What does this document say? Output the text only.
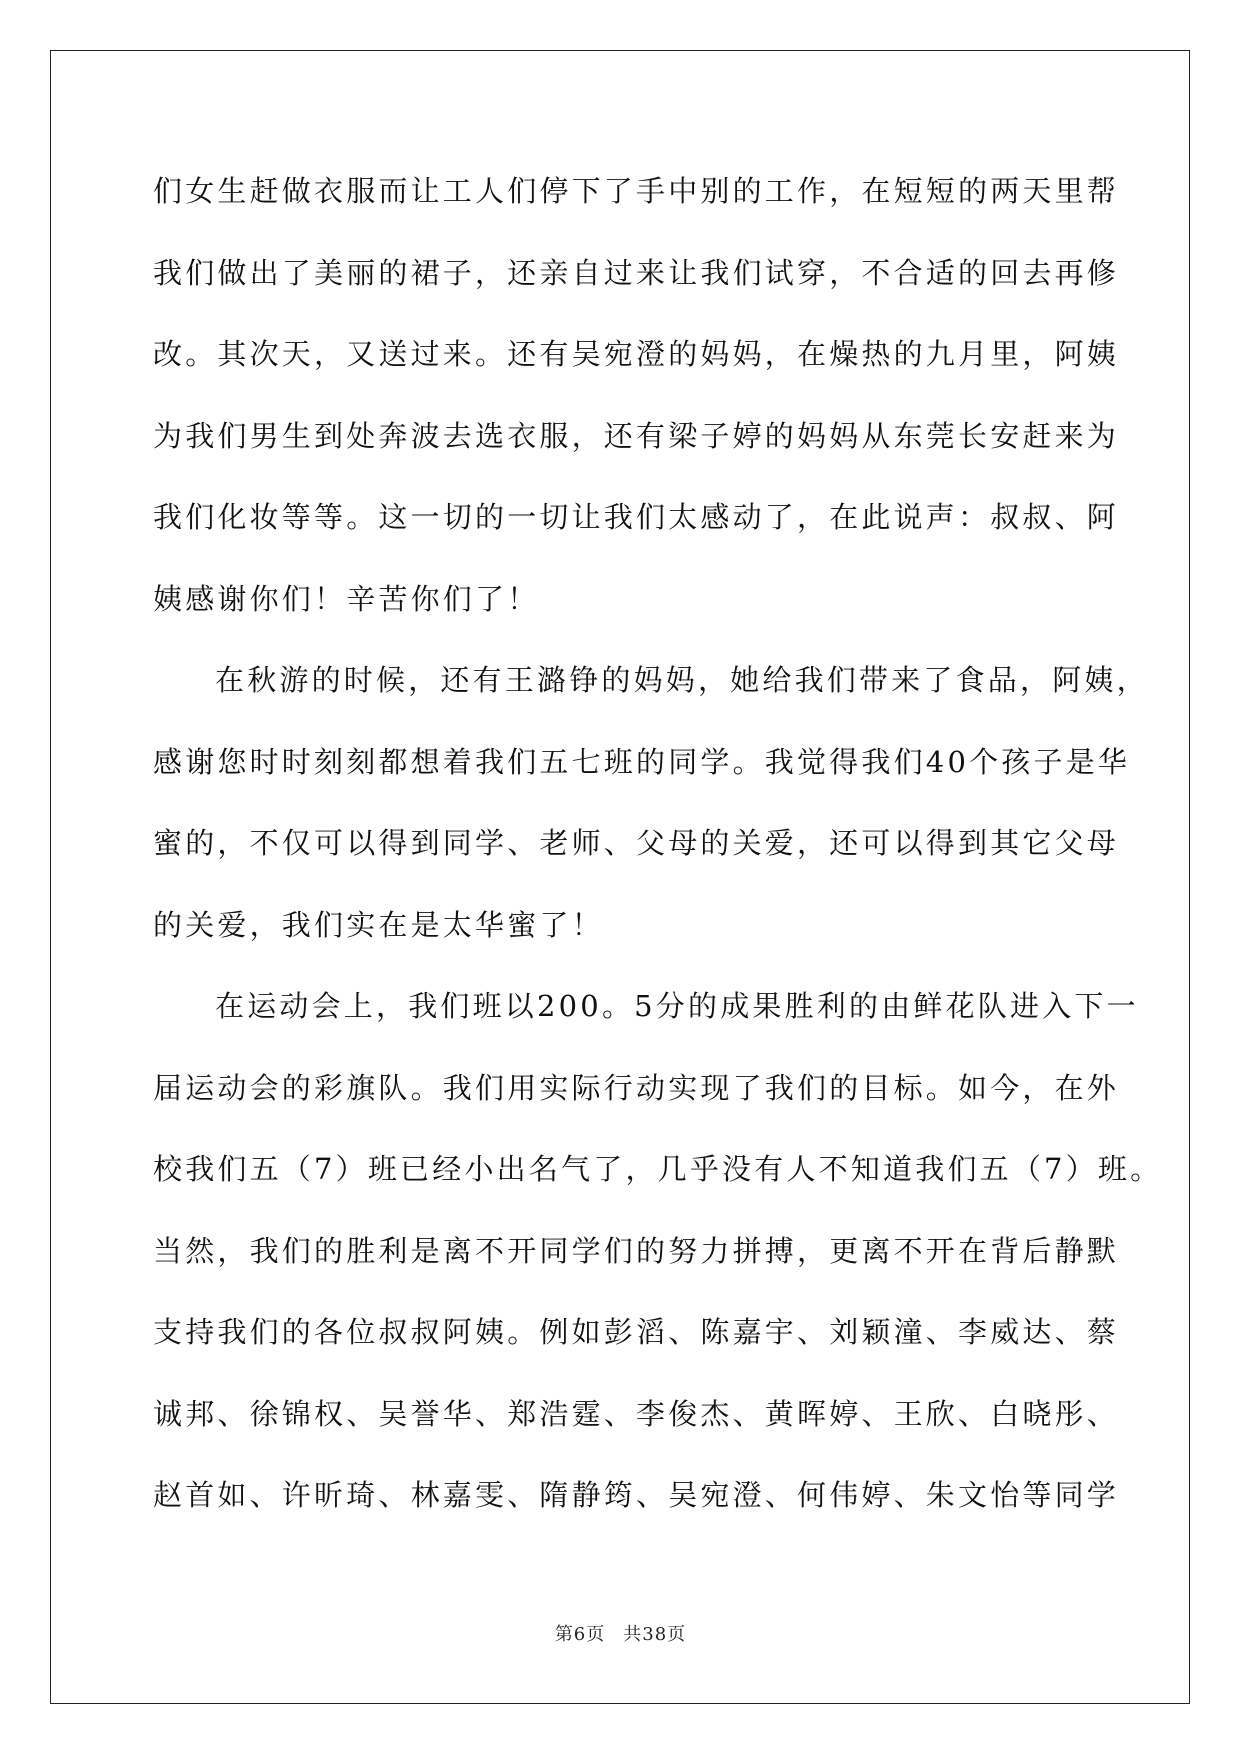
们女生赶做衣服而让工人们停下了手中别的工作，在短短的两天里帮
我们做出了美丽的裙子，还亲自过来让我们试穿，不合适的回去再修
改。其次天，又送过来。还有吴宛澄的妈妈，在燥热的九月里，阿姨
为我们男生到处奔波去选衣服，还有梁子婷的妈妈从东莞长安赶来为
我们化妆等等。这一切的一切让我们太感动了，在此说声：叔叔、阿
姨感谢你们！辛苦你们了！
在秋游的时候，还有王潞铮的妈妈，她给我们带来了食品，阿姨，
感谢您时时刻刻都想着我们五七班的同学。我觉得我们40个孩子是华
蜜的，不仅可以得到同学、老师、父母的关爱，还可以得到其它父母
的关爱，我们实在是太华蜜了！
在运动会上，我们班以200。5分的成果胜利的由鲜花队进入下一
届运动会的彩旗队。我们用实际行动实现了我们的目标。如今，在外
校我们五（7）班已经小出名气了，几乎没有人不知道我们五（7）班。
当然，我们的胜利是离不开同学们的努力拼搏，更离不开在背后静默
支持我们的各位叔叔阿姨。例如彭滔、陈嘉宇、刘颖潼、李威达、蔡
诚邦、徐锦权、吴誉华、郑浩霆、李俊杰、黄晖婷、王欣、白晓彤、
赵首如、许昕琦、林嘉雯、隋静筠、吴宛澄、何伟婷、朱文怡等同学
第6页 共38页
